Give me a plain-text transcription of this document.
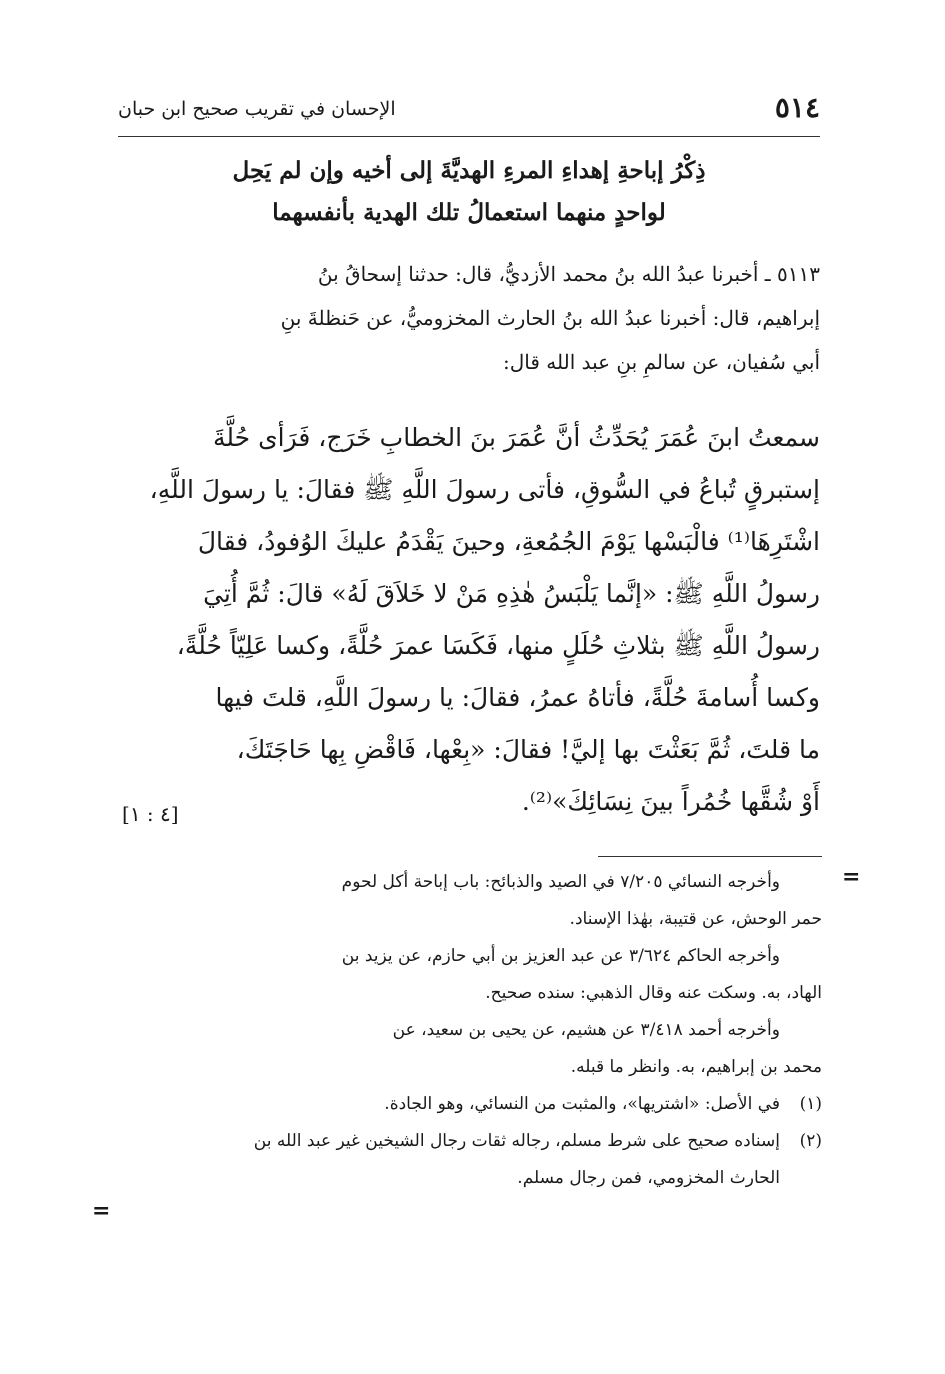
٥١٤
الإحسان في تقريب صحيح ابن حبان
ذِكْرُ إباحةِ إهداءِ المرءِ الهديَّةَ إلى أخيه وإن لم يَحِل
لواحدٍ منهما استعمالُ تلك الهدية بأنفسهما

٥١١٣ ـ أخبرنا عبدُ الله بنُ محمد الأزديُّ، قال: حدثنا إسحاقُ بنُ

إبراهيم، قال: أخبرنا عبدُ الله بنُ الحارث المخزوميُّ، عن حَنظلةَ بنِ

أبي سُفيان، عن سالمِ بنِ عبد الله قال:

سمعتُ ابنَ عُمَرَ يُحَدِّثُ أنَّ عُمَرَ بنَ الخطابِ خَرَج، فَرَأى حُلَّةَ

إستبرقٍ تُباعُ في السُّوقِ، فأتى رسولَ اللَّهِ ﷺ فقالَ: يا رسولَ اللَّهِ،

اشْتَرِهَا⁽¹⁾ فالْبَسْها يَوْمَ الجُمُعةِ، وحينَ يَقْدَمُ عليكَ الوُفودُ، فقالَ

رسولُ اللَّهِ ﷺ: «إنَّما يَلْبَسُ هٰذِهِ مَنْ لا خَلاَقَ لَهُ» قالَ: ثُمَّ أُتِيَ

رسولُ اللَّهِ ﷺ بثلاثِ حُلَلٍ منها، فَكَسَا عمرَ حُلَّةً، وكسا عَلِيّاً حُلَّةً،

وكسا أُسامةَ حُلَّةً، فأتاهُ عمرُ، فقالَ: يا رسولَ اللَّهِ، قلتَ فيها

ما قلتَ، ثُمَّ بَعَثْتَ بها إليَّ! فقالَ: «بِعْها، فَاقْضِ بِها حَاجَتَكَ،

أَوْ شُقَّها خُمُراً بينَ نِسَائِكَ»⁽²⁾.

[٤ : ١]
=

وأخرجه النسائي ٧/٢٠٥ في الصيد والذبائح: باب إباحة أكل لحوم

حمر الوحش، عن قتيبة، بهٰذا الإسناد.

وأخرجه الحاكم ٣/٦٢٤ عن عبد العزيز بن أبي حازم، عن يزيد بن

الهاد، به. وسكت عنه وقال الذهبي: سنده صحيح.

وأخرجه أحمد ٣/٤١٨ عن هشيم، عن يحيى بن سعيد، عن

محمد بن إبراهيم، به. وانظر ما قبله.

(١)في الأصل: «اشتريها»، والمثبت من النسائي، وهو الجادة.

(٢)إسناده صحيح على شرط مسلم، رجاله ثقات رجال الشيخين غير عبد الله بن

الحارث المخزومي، فمن رجال مسلم.

=
